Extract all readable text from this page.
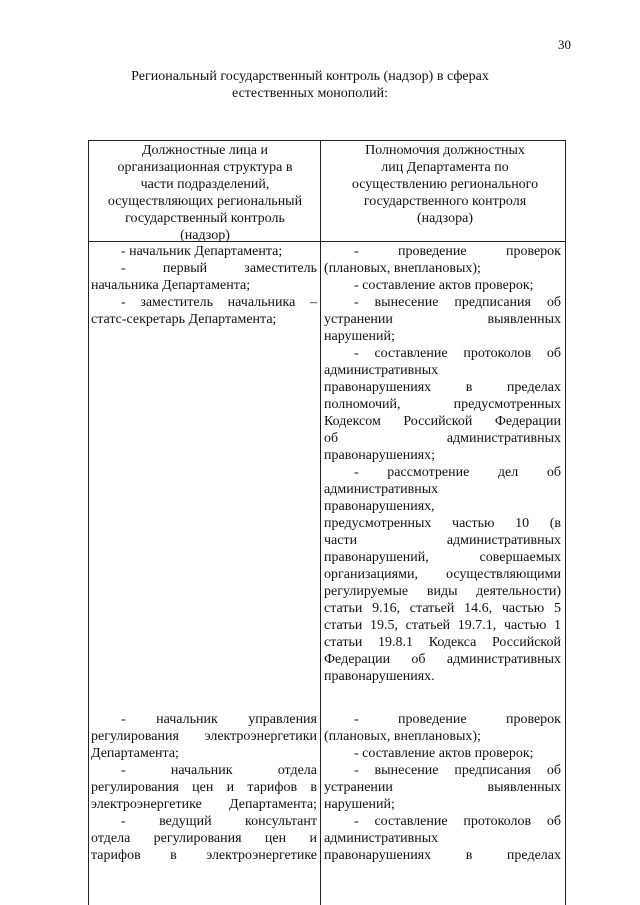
30
Региональный государственный контроль (надзор) в сферах
естественных монополий:
Должностные лица и
организационная структура в
части подразделений,
осуществляющих региональный
государственный контроль
(надзор)
Полномочия должностных
лиц Департамента по
осуществлению регионального
государственного контроля
(надзора)
- начальник Департамента;
- первый заместитель
начальника Департамента;
- заместитель начальника –
статс-секретарь Департамента;
- проведение проверок
(плановых, внеплановых);
- составление актов проверок;
- вынесение предписания об
устранении выявленных
нарушений;
- составление протоколов об
административных
правонарушениях в пределах
полномочий, предусмотренных
Кодексом Российской Федерации
об административных
правонарушениях;
- рассмотрение дел об
административных
правонарушениях,
предусмотренных частью 10 (в
части административных
правонарушений, совершаемых
организациями, осуществляющими
регулируемые виды деятельности)
статьи 9.16, статьей 14.6, частью 5
статьи 19.5, статьей 19.7.1, частью 1
статьи 19.8.1 Кодекса Российской
Федерации об административных
правонарушениях.
- начальник управления
регулирования электроэнергетики
Департамента;
- начальник отдела
регулирования цен и тарифов в
электроэнергетике Департамента;
- ведущий консультант
отдела регулирования цен и
тарифов в электроэнергетике
- проведение проверок
(плановых, внеплановых);
- составление актов проверок;
- вынесение предписания об
устранении выявленных
нарушений;
- составление протоколов об
административных
правонарушениях в пределах
